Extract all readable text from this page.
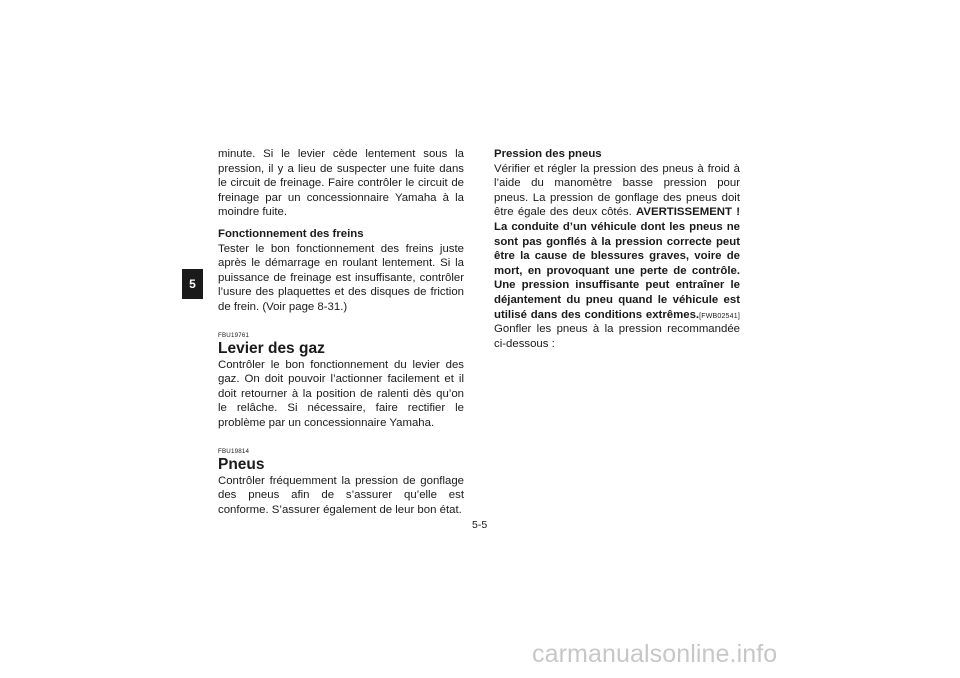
5

minute. Si le levier cède lentement sous la pression, il y a lieu de suspecter une fuite dans le circuit de freinage. Faire contrôler le circuit de freinage par un concessionnaire Yamaha à la moindre fuite.

Fonctionnement des freins
Tester le bon fonctionnement des freins juste après le démarrage en roulant lentement. Si la puissance de freinage est insuffisante, contrôler l’usure des plaquettes et des disques de friction de frein. (Voir page 8-31.)

FBU19761
Levier des gaz

Contrôler le bon fonctionnement du levier des gaz. On doit pouvoir l’actionner facilement et il doit retourner à la position de ralenti dès qu’on le relâche. Si nécessaire, faire rectifier le problème par un concessionnaire Yamaha.

FBU19814
Pneus

Contrôler fréquemment la pression de gonflage des pneus afin de s’assurer qu’elle est conforme. S’assurer également de leur bon état.

Pression des pneus
Vérifier et régler la pression des pneus à froid à l’aide du manomètre basse pression pour pneus. La pression de gonflage des pneus doit être égale des deux côtés. AVERTISSEMENT ! La conduite d’un véhicule dont les pneus ne sont pas gonflés à la pression correcte peut être la cause de blessures graves, voire de mort, en provoquant une perte de contrôle. Une pression insuffisante peut entraîner le déjantement du pneu quand le véhicule est utilisé dans des conditions extrêmes.[FWB02541] Gonfler les pneus à la pression recommandée ci-dessous :

5-5
carmanualsonline.info
